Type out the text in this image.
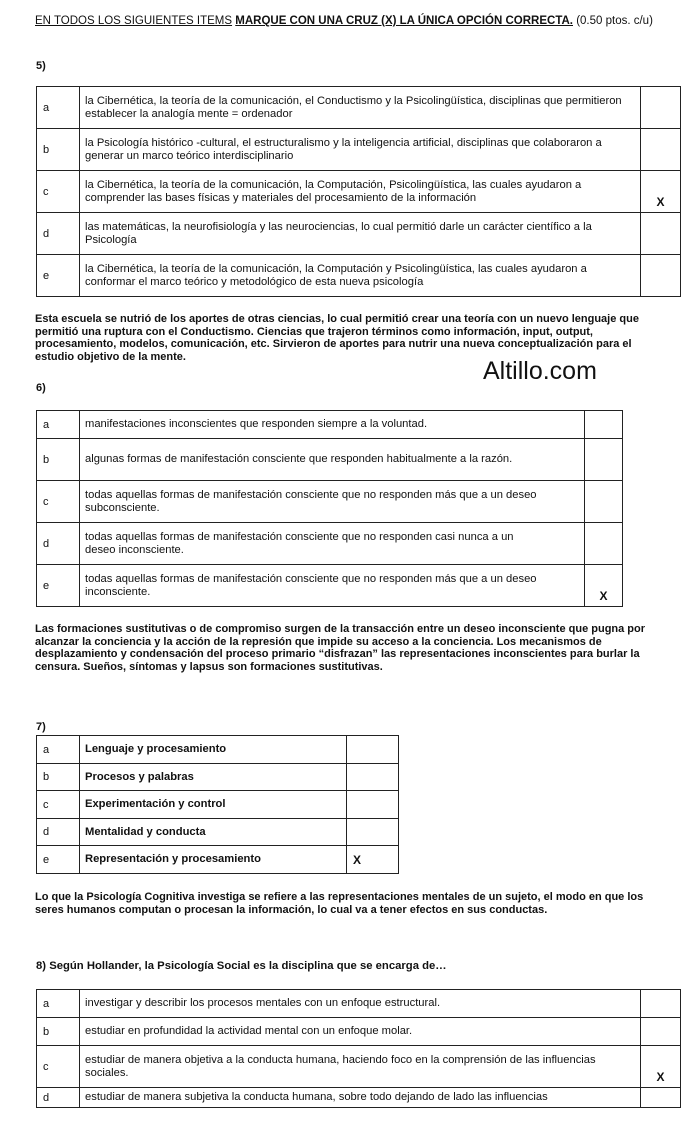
EN TODOS LOS SIGUIENTES ITEMS MARQUE CON UNA CRUZ (X) LA ÚNICA OPCIÓN CORRECTA. (0.50 ptos. c/u)
5)
a	la Cibernética, la teoría de la comunicación, el Conductismo y la Psicolingüística, disciplinas que permitieron establecer la analogía mente = ordenador	
b	la Psicología histórico -cultural, el estructuralismo y la inteligencia artificial, disciplinas que colaboraron a generar un marco teórico interdisciplinario	
c	la Cibernética, la teoría de la comunicación, la Computación, Psicolingüística, las cuales ayudaron a comprender las bases físicas y materiales del procesamiento de la información	X
d	las matemáticas, la neurofisiología y las neurociencias, lo cual permitió darle un carácter científico a la Psicología	
e	la Cibernética, la teoría de la comunicación, la Computación y Psicolingüística, las cuales ayudaron a conformar el marco teórico y metodológico de esta nueva psicología	
Esta escuela se nutrió de los aportes de otras ciencias, lo cual permitió crear una teoría con un nuevo lenguaje que permitió una ruptura con el Conductismo. Ciencias que trajeron términos como información, input, output, procesamiento, modelos, comunicación, etc. Sirvieron de aportes para nutrir una nueva conceptualización para el estudio objetivo de la mente.
Altillo.com
6)
a	manifestaciones inconscientes que responden siempre a la voluntad.	
b	algunas formas de manifestación consciente que responden habitualmente a la razón.	
c	todas aquellas formas de manifestación consciente que no responden más que a un deseo subconsciente.	
d	todas aquellas formas de manifestación consciente que no responden casi nunca a un deseo inconsciente.	
e	todas aquellas formas de manifestación consciente que no responden más que a un deseo inconsciente.	X
Las formaciones sustitutivas o de compromiso surgen de la transacción entre un deseo inconsciente que pugna por alcanzar la conciencia y la acción de la represión que impide su acceso a la conciencia. Los mecanismos de desplazamiento y condensación del proceso primario “disfrazan” las representaciones inconscientes para burlar la censura. Sueños, síntomas y lapsus son formaciones sustitutivas.
7)
a	Lenguaje y procesamiento	
b	Procesos y palabras	
c	Experimentación y control	
d	Mentalidad y conducta	
e	Representación y procesamiento	X
Lo que la Psicología Cognitiva investiga se refiere a las representaciones mentales de un sujeto, el modo en que los seres humanos computan o procesan la información, lo cual va a tener efectos en sus conductas.
8) Según Hollander, la Psicología Social es la disciplina que se encarga de…
a	investigar y describir los procesos mentales con un enfoque estructural.	
b	estudiar en profundidad la actividad mental con un enfoque molar.	
c	estudiar de manera objetiva a la conducta humana, haciendo foco en la comprensión de las influencias sociales.	X
d	estudiar de manera subjetiva la conducta humana, sobre todo dejando de lado las influencias	
